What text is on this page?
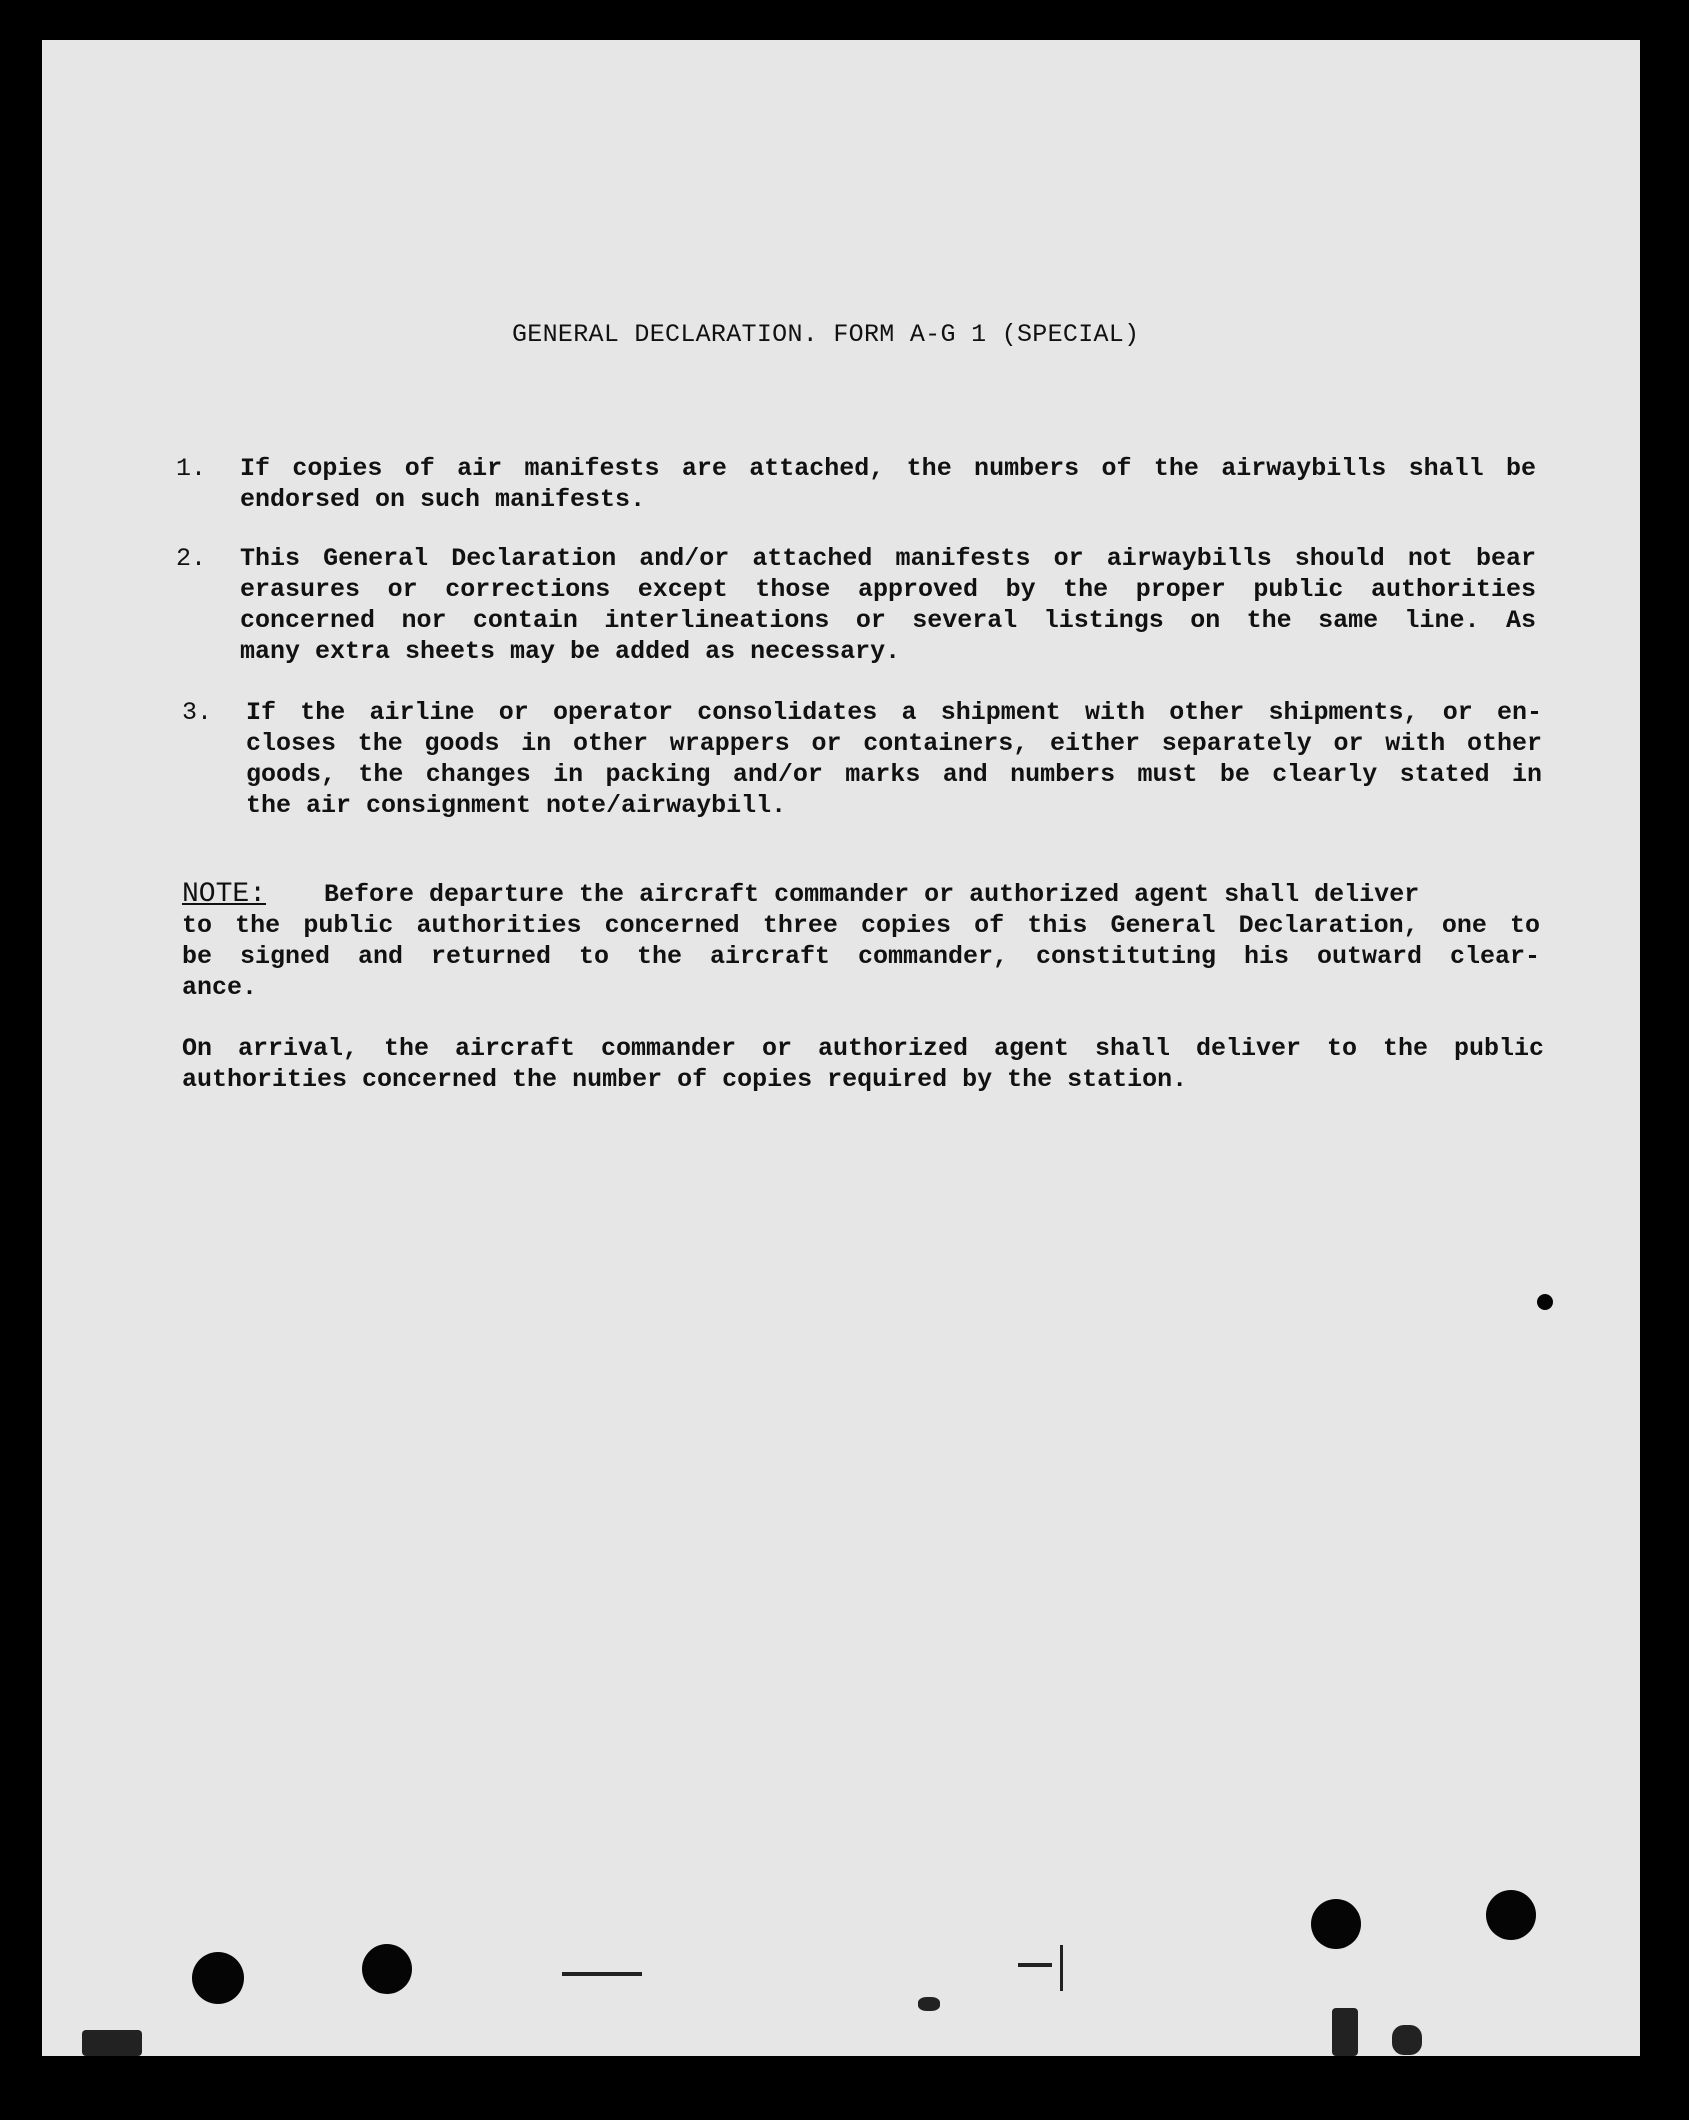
GENERAL DECLARATION. FORM A-G 1 (SPECIAL)
1.	If copies of air manifests are attached, the numbers of the airwaybills shall be
endorsed on such manifests.
2.	This General Declaration and/or attached manifests or airwaybills should not bear
erasures or corrections except those approved by the proper public authorities
concerned nor contain interlineations or several listings on the same line. As
many extra sheets may be added as necessary.
3.	If the airline or operator consolidates a shipment with other shipments, or en-
closes the goods in other wrappers or containers, either separately or with other
goods, the changes in packing and/or marks and numbers must be clearly stated in
the air consignment note/airwaybill.
NOTE: Before departure the aircraft commander or authorized agent shall deliver
to the public authorities concerned three copies of this General Declaration, one to
be signed and returned to the aircraft commander, constituting his outward clear-
ance.
On arrival, the aircraft commander or authorized agent shall deliver to the public
authorities concerned the number of copies required by the station.
